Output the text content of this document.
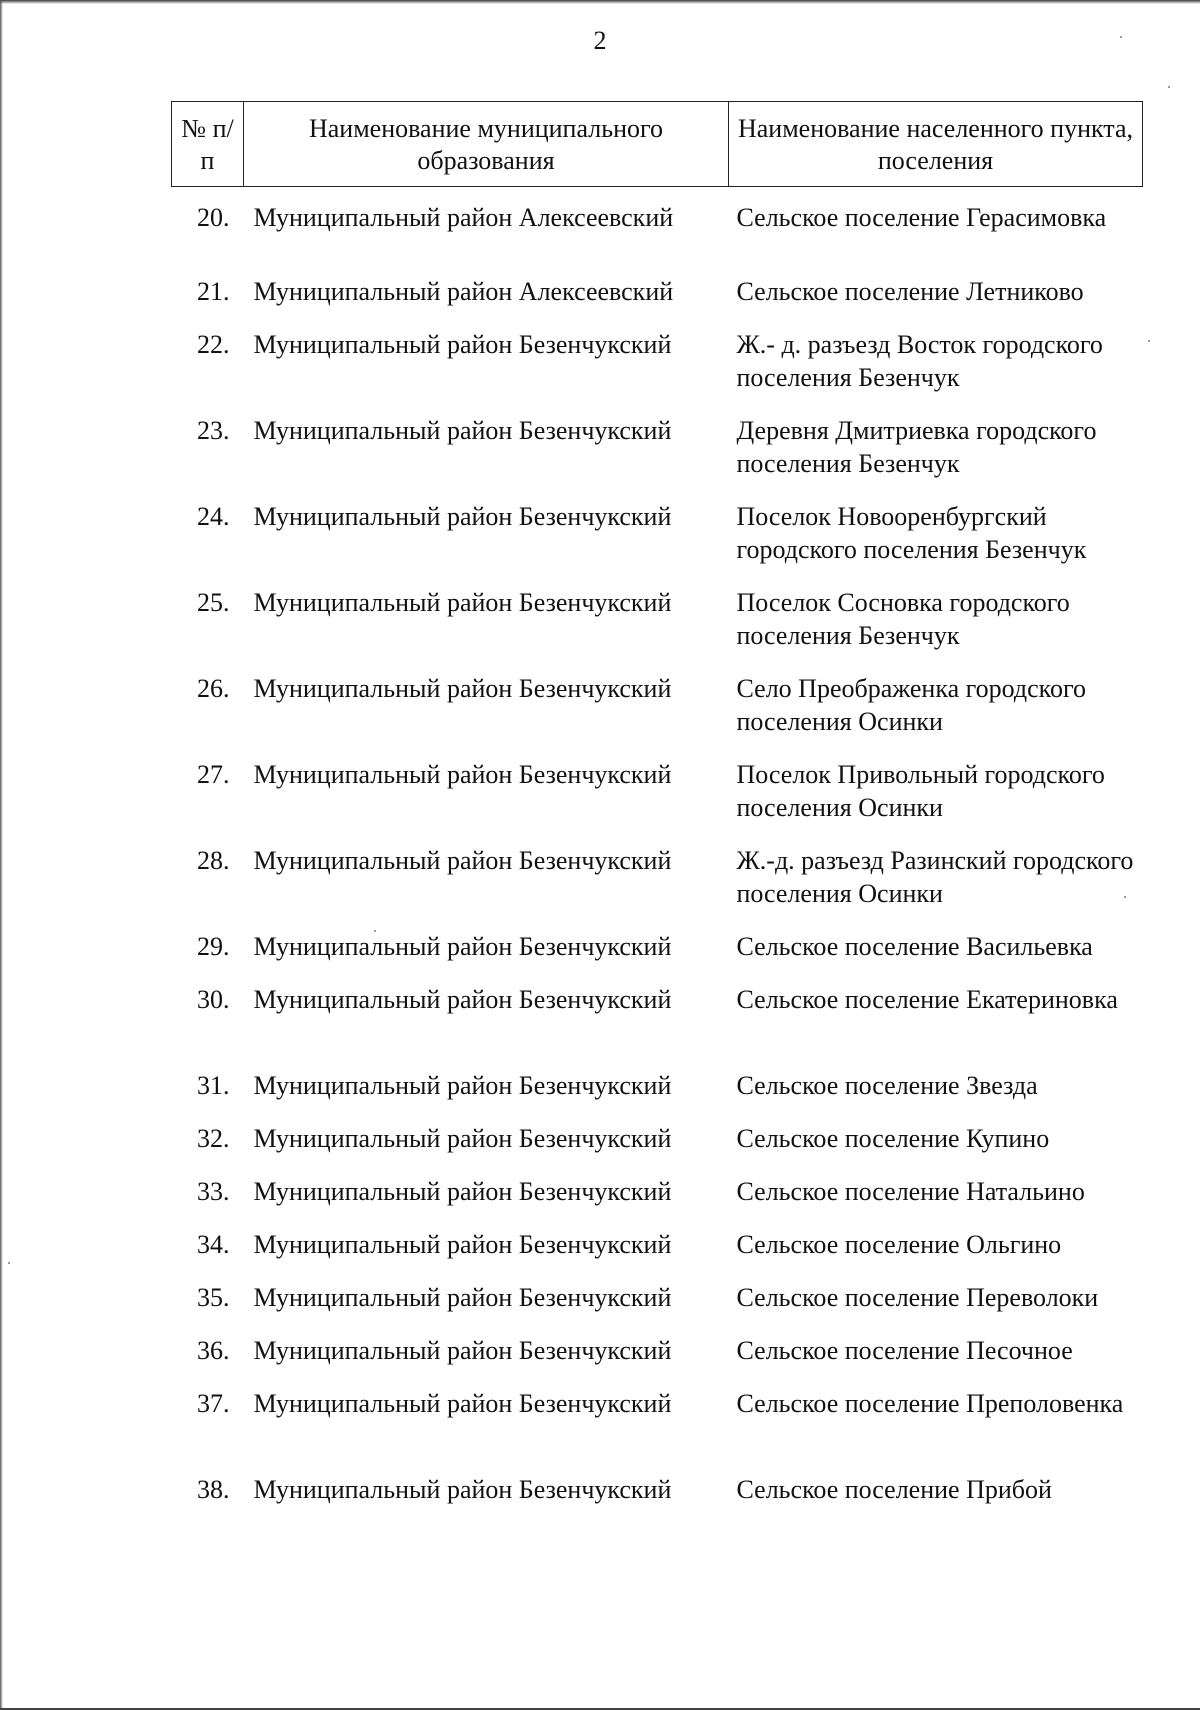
2
№ п/п	Наименование муниципального образования	Наименование населенного пункта, поселения
20.	Муниципальный район Алексеевский	Сельское поселение Герасимовка
21.	Муниципальный район Алексеевский	Сельское поселение Летниково
22.	Муниципальный район Безенчукский	Ж.- д. разъезд Восток городского поселения Безенчук
23.	Муниципальный район Безенчукский	Деревня Дмитриевка городского поселения Безенчук
24.	Муниципальный район Безенчукский	Поселок Новооренбургский городского поселения Безенчук
25.	Муниципальный район Безенчукский	Поселок Сосновка городского поселения Безенчук
26.	Муниципальный район Безенчукский	Село Преображенка городского поселения Осинки
27.	Муниципальный район Безенчукский	Поселок Привольный городского поселения Осинки
28.	Муниципальный район Безенчукский	Ж.-д. разъезд Разинский городского поселения Осинки
29.	Муниципальный район Безенчукский	Сельское поселение Васильевка
30.	Муниципальный район Безенчукский	Сельское поселение Екатериновка
31.	Муниципальный район Безенчукский	Сельское поселение Звезда
32.	Муниципальный район Безенчукский	Сельское поселение Купино
33.	Муниципальный район Безенчукский	Сельское поселение Натальино
34.	Муниципальный район Безенчукский	Сельское поселение Ольгино
35.	Муниципальный район Безенчукский	Сельское поселение Переволоки
36.	Муниципальный район Безенчукский	Сельское поселение Песочное
37.	Муниципальный район Безенчукский	Сельское поселение Преполовенка
38.	Муниципальный район Безенчукский	Сельское поселение Прибой
